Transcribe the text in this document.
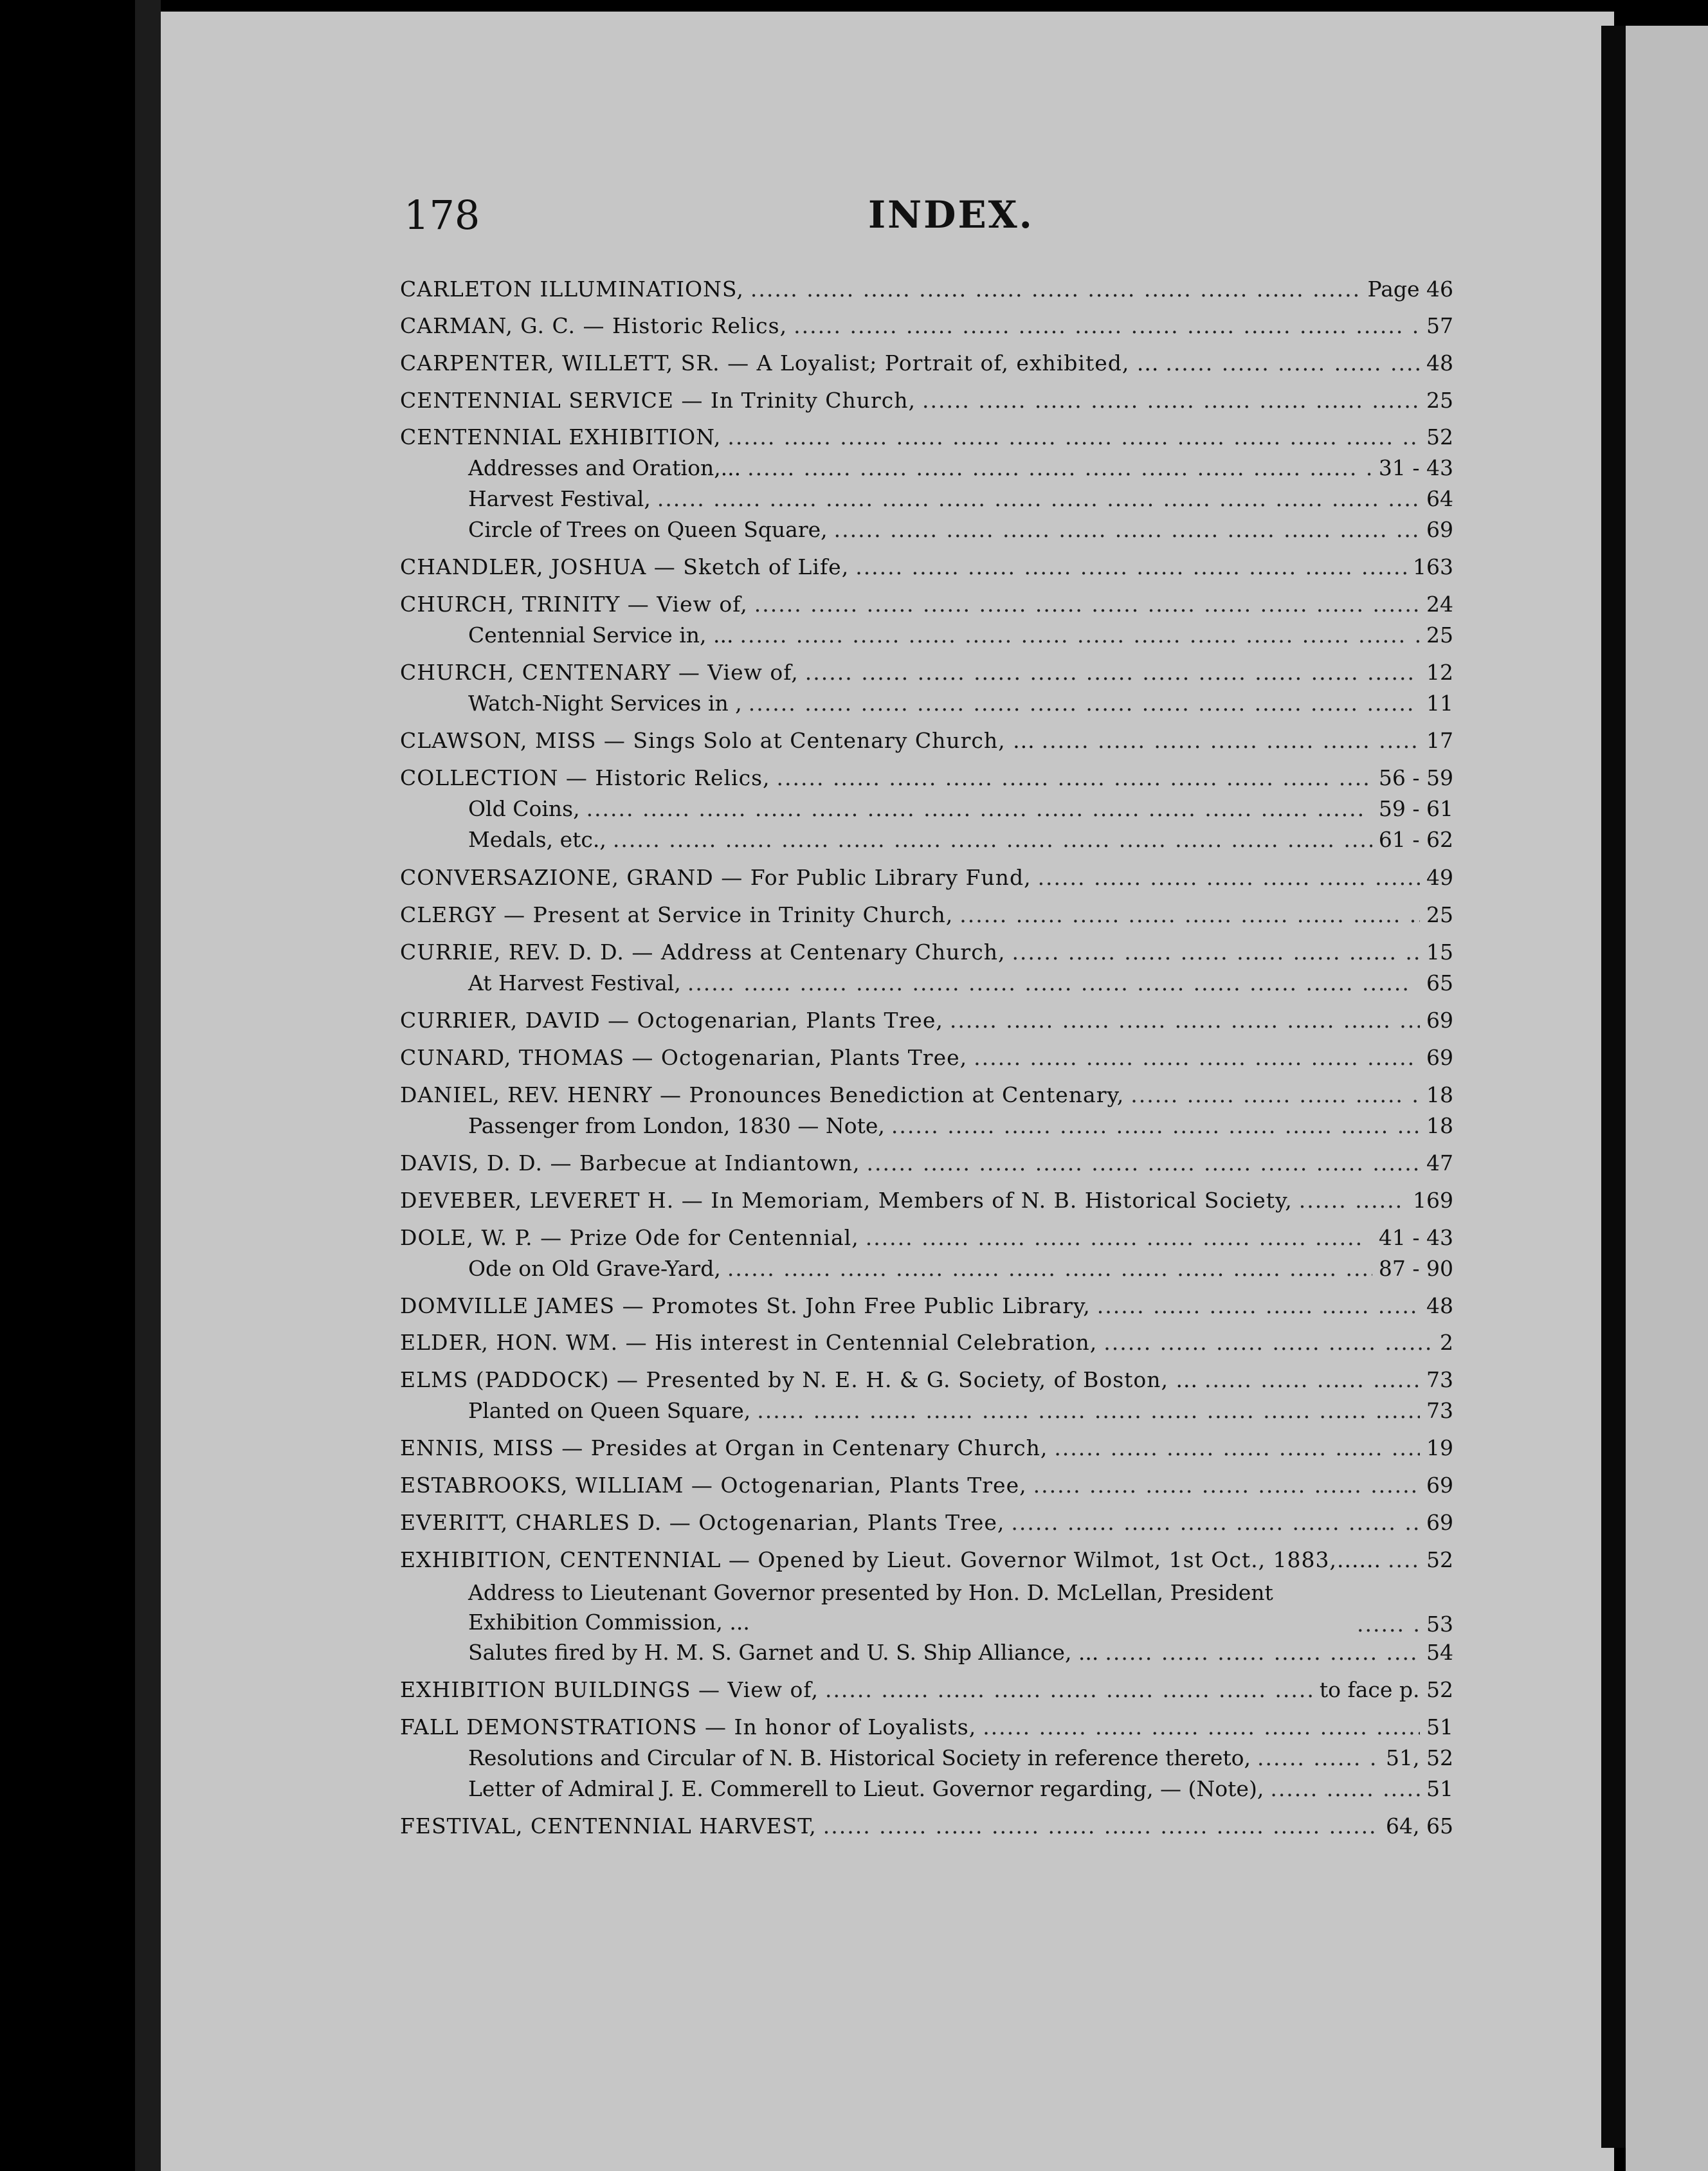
178	INDEX.
CARLETON ILLUMINATIONS, .....	Page 46
CARMAN, G. C. — Historic Relics, .....	57
CARPENTER, WILLETT, SR. — A Loyalist; Portrait of, exhibited, ... .....	48
CENTENNIAL SERVICE — In Trinity Church, .....	25
CENTENNIAL EXHIBITION, .....	52
Addresses and Oration,... .....	31 - 43
Harvest Festival, .....	64
Circle of Trees on Queen Square, .....	69
CHANDLER, JOSHUA — Sketch of Life, .....	163
CHURCH, TRINITY — View of, .....	24
Centennial Service in, ... .....	25
CHURCH, CENTENARY — View of, .....	12
Watch-Night Services in , .....	11
CLAWSON, MISS — Sings Solo at Centenary Church, ... .....	17
COLLECTION — Historic Relics, .....	56 - 59
Old Coins, .....	59 - 61
Medals, etc., .....	61 - 62
CONVERSAZIONE, GRAND — For Public Library Fund, .....	49
CLERGY — Present at Service in Trinity Church, .....	25
CURRIE, REV. D. D. — Address at Centenary Church, .....	15
At Harvest Festival, .....	65
CURRIER, DAVID — Octogenarian, Plants Tree, .....	69
CUNARD, THOMAS — Octogenarian, Plants Tree, .....	69
DANIEL, REV. HENRY — Pronounces Benediction at Centenary, .....	18
Passenger from London, 1830 — Note, .....	18
DAVIS, D. D. — Barbecue at Indiantown, .....	47
DEVEBER, LEVERET H. — In Memoriam, Members of N. B. Historical Society, .....	169
DOLE, W. P. — Prize Ode for Centennial, .....	41 - 43
Ode on Old Grave-Yard, .....	87 - 90
DOMVILLE JAMES — Promotes St. John Free Public Library, .....	48
ELDER, HON. WM. — His interest in Centennial Celebration, .....	2
ELMS (PADDOCK) — Presented by N. E. H. & G. Society, of Boston, ... .....	73
Planted on Queen Square, .....	73
ENNIS, MISS — Presides at Organ in Centenary Church, .....	19
ESTABROOKS, WILLIAM — Octogenarian, Plants Tree, .....	69
EVERITT, CHARLES D. — Octogenarian, Plants Tree, .....	69
EXHIBITION, CENTENNIAL — Opened by Lieut. Governor Wilmot, 1st Oct., 1883,...... ..... 52
Address to Lieutenant Governor presented by Hon. D. McLellan, President Exhibition Commission, ... .....	53
Salutes fired by H. M. S. Garnet and U. S. Ship Alliance, ... .....	54
EXHIBITION BUILDINGS — View of, .....	to face p. 52
FALL DEMONSTRATIONS — In honor of Loyalists, .....	51
Resolutions and Circular of N. B. Historical Society in reference thereto, .....	51, 52
Letter of Admiral J. E. Commerell to Lieut. Governor regarding, — (Note), .....	51
FESTIVAL, CENTENNIAL HARVEST, .....	64, 65
